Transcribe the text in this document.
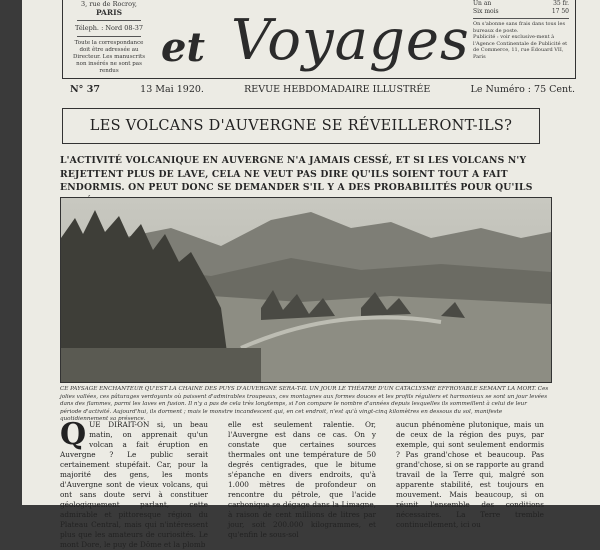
3, rue de Rocroy,
PARIS
Téleph. : Nord 08-37
Toute la correspondance doit être adressée au Directeur. Les manuscrits non insérés ne sont pas rendus	et Voyages
Un an	35 fr.
Six mois	17 50
On s'abonne sans frais dans tous les bureaux de poste.
Publicité : voir exclusive-ment à l'Agence Continentale de Publicité et de Commerce, 11, rue Édouard VII, Paris
N° 37	13 Mai 1920.	REVUE HEBDOMADAIRE ILLUSTRÉE	Le Numéro : 75 Cent.
LES VOLCANS D'AUVERGNE SE RÉVEILLERONT-ILS?
L'ACTIVITÉ VOLCANIQUE EN AUVERGNE N'A JAMAIS CESSÉ, ET SI LES VOLCANS N'Y REJETTENT PLUS DE LAVE, CELA NE VEUT PAS DIRE QU'ILS SOIENT TOUT A FAIT ENDORMIS. ON PEUT DONC SE DEMANDER S'IL Y A DES PROBABILITÉS POUR QU'ILS
CE PAYSAGE ENCHANTEUR QU'EST LA CHAINE DES PUYS D'AUVERGNE SERA-T-IL UN JOUR LE THÉATRE D'UN CATACLYSME EFFROYABLE SEMANT LA MORT. Ces jolies vallées, ces pâturages verdoyants où paissent d'admirables troupeaux, ces montagnes aux formes douces et les profils réguliers et harmonieux se sont un jour levées dans des flammes, parmi les laves en fusion. Il n'y a pas de cela très longtemps, si l'on compare le nombre d'années depuis lesquelles ils sommeillent à celui de leur période d'activité. Aujourd'hui, ils dorment ; mais le monstre incandescent qui, en cet endroit, n'est qu'à vingt-cinq kilomètres en dessous du sol, manifeste quotidiennement sa présence.

QUE DIRAIT-ON si, un beau matin, on apprenait qu'un volcan a fait éruption en Auvergne ? Le public serait certainement stupéfait. Car, pour la majorité des gens, les monts d'Auvergne sont de vieux volcans, qui ont sans doute servi à constituer géologiquement parlant, cette admirable et pittoresque région du Plateau Central, mais qui n'intéressent plus que les amateurs de curiosités. Le mont Dore, le puy de Dôme et la plomb

elle est seulement ralentie. Or, l'Auvergne est dans ce cas. On y constate que certaines sources thermales ont une température de 50 degrés centigrades, que le bitume s'épanche en divers endroits, qu'à 1.000 mètres de profondeur on rencontre du pétrole, que l'acide carbonique se dégage dans la Limagne, à raison de cent millions de litres par jour, soit 200.000 kilogrammes, et qu'enfin le sous-sol

aucun phénomène plutonique, mais un de ceux de la région des puys, par exemple, qui sont seulement endormis ? Pas grand'chose et beaucoup. Pas grand'chose, si on se rapporte au grand travail de la Terre qui, malgré son apparente stabilité, est toujours en mouvement. Mais beaucoup, si on réunit l'ensemble des conditions nécessaires. La Terre tremble continuellement, ici ou
